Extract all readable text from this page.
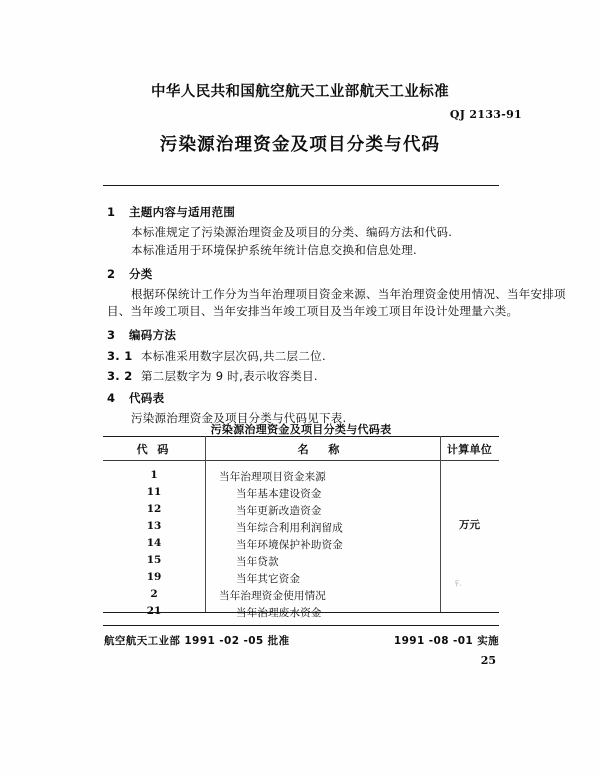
中华人民共和国航空航天工业部航天工业标准
QJ 2133-91
污染源治理资金及项目分类与代码
1 主题内容与适用范围
本标准规定了污染源治理资金及项目的分类、编码方法和代码.
本标准适用于环境保护系统年统计信息交换和信息处理.
2 分类
根据环保统计工作分为当年治理项目资金来源、当年治理资金使用情况、当年安排项
目、当年竣工项目、当年安排当年竣工项目及当年竣工项目年设计处理量六类。
3 编码方法
3. 1 本标准采用数字层次码,共二层二位.
3. 2 第二层数字为 9 时,表示收容类目.
4 代码表
污染源治理资金及项目分类与代码见下表.
污染源治理资金及项目分类与代码表
代 码	名 称	计算单位
1	当年治理项目资金来源
11	当年基本建设资金
12	当年更新改造资金
13	当年综合利用利润留成
14	当年环境保护补助资金
15	当年贷款
19	当年其它资金
2	当年治理资金使用情况
21	当年治理废水资金
万元
F.
航空航天工业部 1991 -02 -05 批准	1991 -08 -01 实施
25
